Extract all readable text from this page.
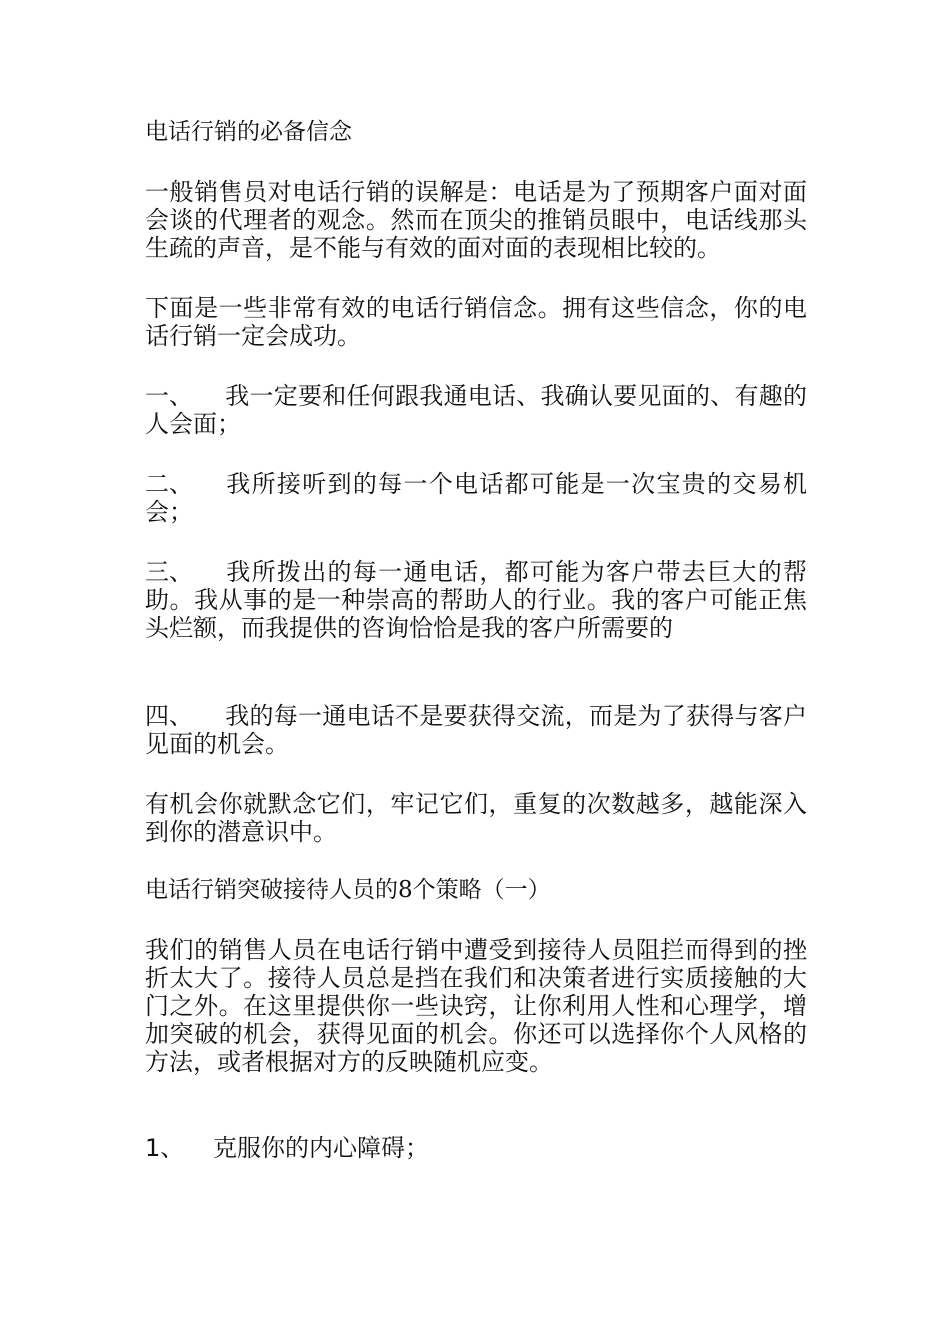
电话行销的必备信念

一般销售员对电话行销的误解是：电话是为了预期客户面对面会谈的代理者的观念。然而在顶尖的推销员眼中，电话线那头生疏的声音，是不能与有效的面对面的表现相比较的。

下面是一些非常有效的电话行销信念。拥有这些信念，你的电话行销一定会成功。

一、 我一定要和任何跟我通电话、我确认要见面的、有趣的人会面；

二、 我所接听到的每一个电话都可能是一次宝贵的交易机会；

三、 我所拨出的每一通电话，都可能为客户带去巨大的帮助。我从事的是一种崇高的帮助人的行业。我的客户可能正焦头烂额，而我提供的咨询恰恰是我的客户所需要的

四、 我的每一通电话不是要获得交流，而是为了获得与客户见面的机会。

有机会你就默念它们，牢记它们，重复的次数越多，越能深入到你的潜意识中。

电话行销突破接待人员的8个策略（一）

我们的销售人员在电话行销中遭受到接待人员阻拦而得到的挫折太大了。接待人员总是挡在我们和决策者进行实质接触的大门之外。在这里提供你一些诀窍，让你利用人性和心理学，增加突破的机会，获得见面的机会。你还可以选择你个人风格的方法，或者根据对方的反映随机应变。

1、 克服你的内心障碍；
